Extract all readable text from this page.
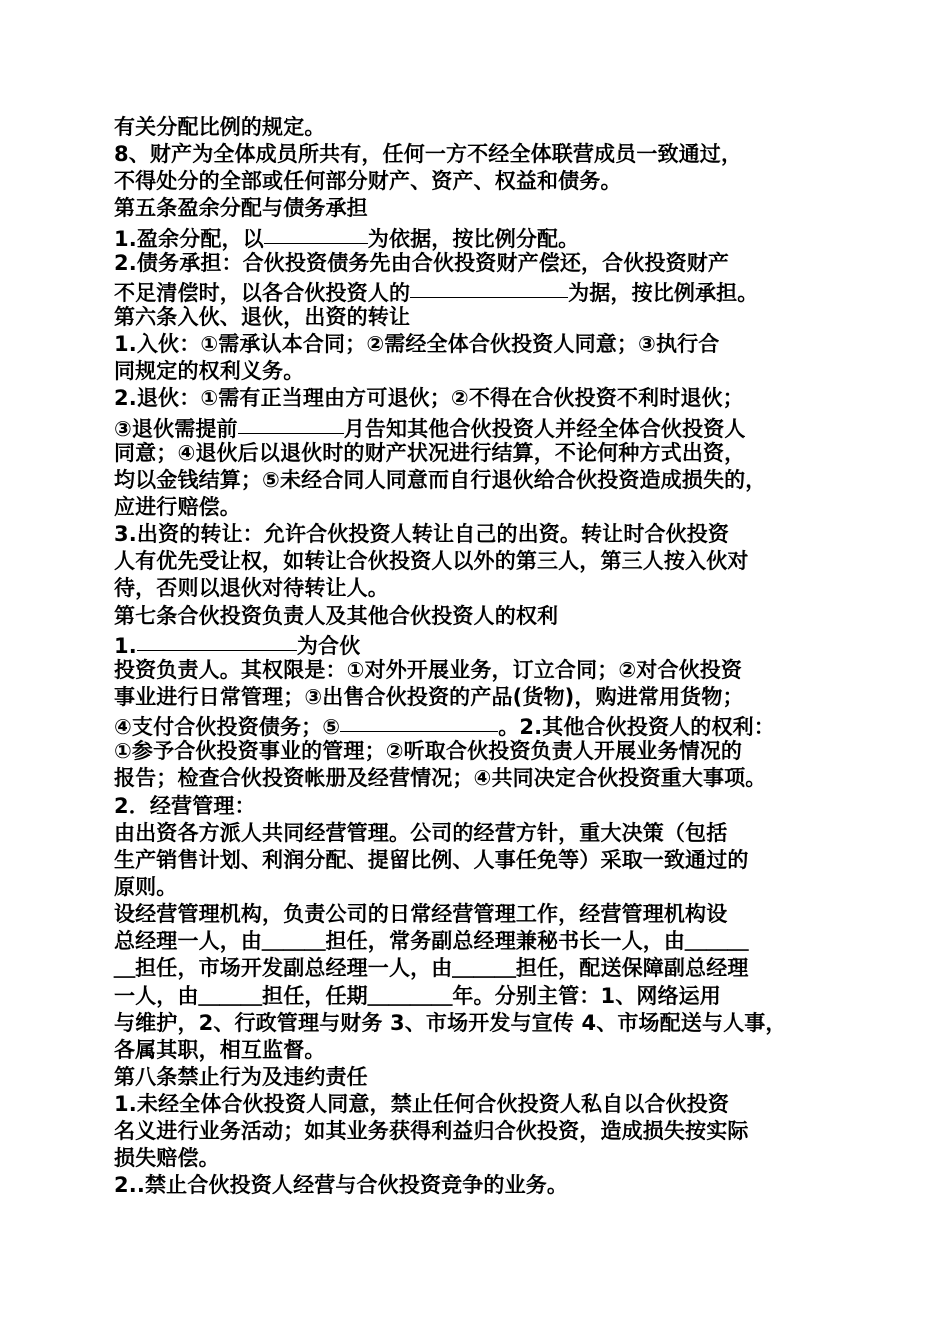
有关分配比例的规定。
8、财产为全体成员所共有，任何一方不经全体联营成员一致通过，
不得处分的全部或任何部分财产、资产、权益和债务。
第五条盈余分配与债务承担
1.盈余分配，以	为依据，按比例分配。
2.债务承担：合伙投资债务先由合伙投资财产偿还，合伙投资财产
不足清偿时，以各合伙投资人的	为据，按比例承担。
第六条入伙、退伙，出资的转让
1.入伙：①需承认本合同；②需经全体合伙投资人同意；③执行合
同规定的权利义务。
2.退伙：①需有正当理由方可退伙；②不得在合伙投资不利时退伙；
③退伙需提前	月告知其他合伙投资人并经全体合伙投资人
同意；④退伙后以退伙时的财产状况进行结算，不论何种方式出资，
均以金钱结算；⑤未经合同人同意而自行退伙给合伙投资造成损失的，
应进行赔偿。
3.出资的转让：允许合伙投资人转让自己的出资。转让时合伙投资
人有优先受让权，如转让合伙投资人以外的第三人，第三人按入伙对
待，否则以退伙对待转让人。
第七条合伙投资负责人及其他合伙投资人的权利
1.	为合伙
投资负责人。其权限是：①对外开展业务，订立合同；②对合伙投资
事业进行日常管理；③出售合伙投资的产品(货物)，购进常用货物；
④支付合伙投资债务；⑤	。2.其他合伙投资人的权利：
①参予合伙投资事业的管理；②听取合伙投资负责人开展业务情况的
报告；检查合伙投资帐册及经营情况；④共同决定合伙投资重大事项。
2．经营管理：
由出资各方派人共同经营管理。公司的经营方针，重大决策（包括
生产销售计划、利润分配、提留比例、人事任免等）采取一致通过的
原则。
设经营管理机构，负责公司的日常经营管理工作，经营管理机构设
总经理一人，由＿＿＿担任，常务副总经理兼秘书长一人，由＿＿＿
＿担任，市场开发副总经理一人，由＿＿＿担任，配送保障副总经理
一人，由＿＿＿担任，任期＿＿＿＿年。分别主管：1、网络运用
与维护，2、行政管理与财务 3、市场开发与宣传 4、市场配送与人事，
各属其职，相互监督。
第八条禁止行为及违约责任
1.未经全体合伙投资人同意，禁止任何合伙投资人私自以合伙投资
名义进行业务活动；如其业务获得利益归合伙投资，造成损失按实际
损失赔偿。
2..禁止合伙投资人经营与合伙投资竞争的业务。
